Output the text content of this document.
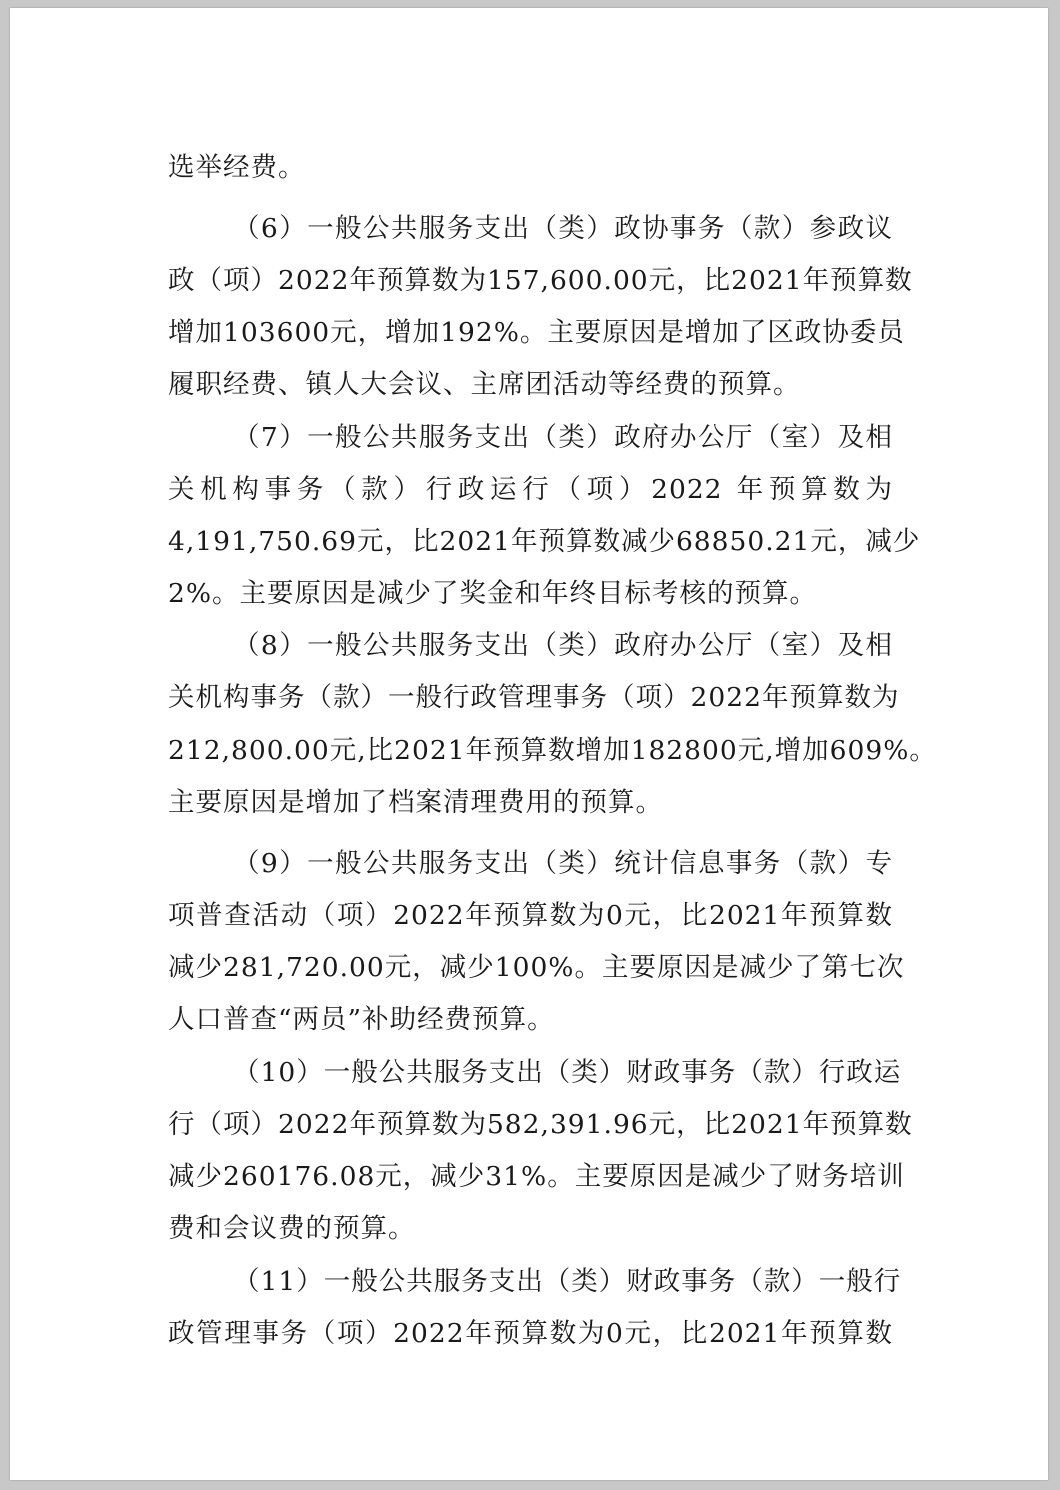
选举经费。
（6）一般公共服务支出（类）政协事务（款）参政议
政（项）2022年预算数为157,600.00元，比2021年预算数
增加103600元，增加192%。主要原因是增加了区政协委员
履职经费、镇人大会议、主席团活动等经费的预算。
（7）一般公共服务支出（类）政府办公厅（室）及相
关机构事务（款）行政运行（项）2022 年预算数为
4,191,750.69元，比2021年预算数减少68850.21元，减少
2%。主要原因是减少了奖金和年终目标考核的预算。
（8）一般公共服务支出（类）政府办公厅（室）及相
关机构事务（款）一般行政管理事务（项）2022年预算数为
212,800.00元,比2021年预算数增加182800元,增加609%。
主要原因是增加了档案清理费用的预算。
（9）一般公共服务支出（类）统计信息事务（款）专
项普查活动（项）2022年预算数为0元，比2021年预算数
减少281,720.00元，减少100%。主要原因是减少了第七次
人口普查“两员”补助经费预算。
（10）一般公共服务支出（类）财政事务（款）行政运
行（项）2022年预算数为582,391.96元，比2021年预算数
减少260176.08元，减少31%。主要原因是减少了财务培训
费和会议费的预算。
（11）一般公共服务支出（类）财政事务（款）一般行
政管理事务（项）2022年预算数为0元，比2021年预算数
